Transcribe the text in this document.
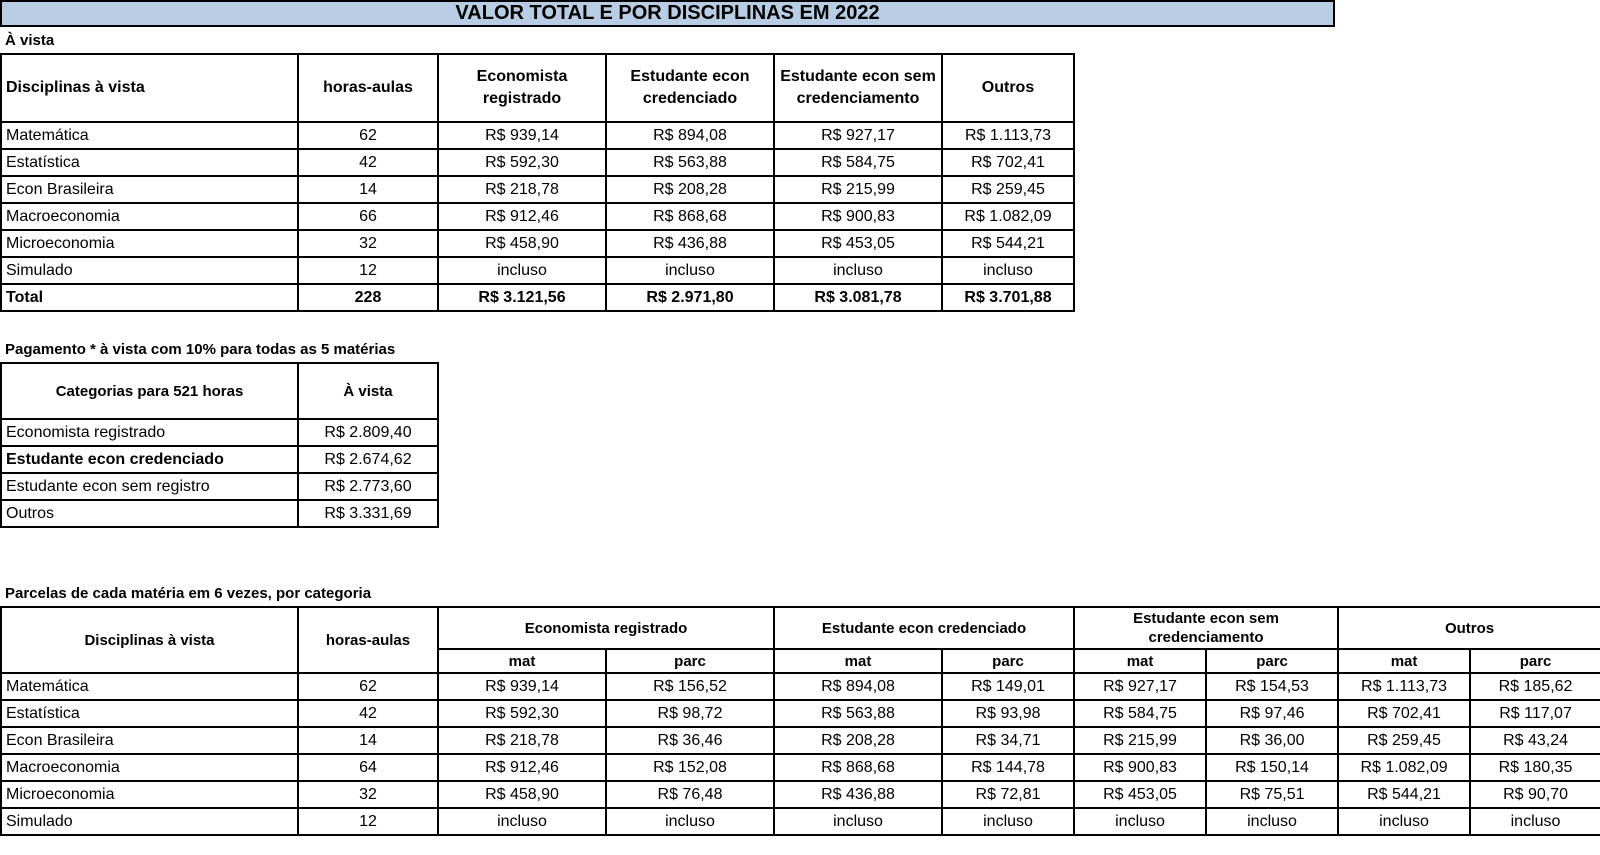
VALOR TOTAL E POR DISCIPLINAS EM 2022
À vista
Disciplinas à vista	horas-aulas	Economista registrado	Estudante econ credenciado	Estudante econ sem credenciamento	Outros
Matemática	62	R$ 939,14	R$ 894,08	R$ 927,17	R$ 1.113,73
Estatística	42	R$ 592,30	R$ 563,88	R$ 584,75	R$ 702,41
Econ Brasileira	14	R$ 218,78	R$ 208,28	R$ 215,99	R$ 259,45
Macroeconomia	66	R$ 912,46	R$ 868,68	R$ 900,83	R$ 1.082,09
Microeconomia	32	R$ 458,90	R$ 436,88	R$ 453,05	R$ 544,21
Simulado	12	incluso	incluso	incluso	incluso
Total	228	R$ 3.121,56	R$ 2.971,80	R$ 3.081,78	R$ 3.701,88
Pagamento * à vista com 10% para todas as 5 matérias
Categorias para 521 horas	À vista
Economista registrado	R$ 2.809,40
Estudante econ credenciado	R$ 2.674,62
Estudante econ sem registro	R$ 2.773,60
Outros	R$ 3.331,69
Parcelas de cada matéria em 6 vezes, por categoria
Disciplinas à vista	horas-aulas	Economista registrado		Estudante econ credenciado		Estudante econ sem credenciamento		Outros	
		mat	parc	mat	parc	mat	parc	mat	parc
Matemática	62	R$ 939,14	R$ 156,52	R$ 894,08	R$ 149,01	R$ 927,17	R$ 154,53	R$ 1.113,73	R$ 185,62
Estatística	42	R$ 592,30	R$ 98,72	R$ 563,88	R$ 93,98	R$ 584,75	R$ 97,46	R$ 702,41	R$ 117,07
Econ Brasileira	14	R$ 218,78	R$ 36,46	R$ 208,28	R$ 34,71	R$ 215,99	R$ 36,00	R$ 259,45	R$ 43,24
Macroeconomia	64	R$ 912,46	R$ 152,08	R$ 868,68	R$ 144,78	R$ 900,83	R$ 150,14	R$ 1.082,09	R$ 180,35
Microeconomia	32	R$ 458,90	R$ 76,48	R$ 436,88	R$ 72,81	R$ 453,05	R$ 75,51	R$ 544,21	R$ 90,70
Simulado	12	incluso	incluso	incluso	incluso	incluso	incluso	incluso	incluso
